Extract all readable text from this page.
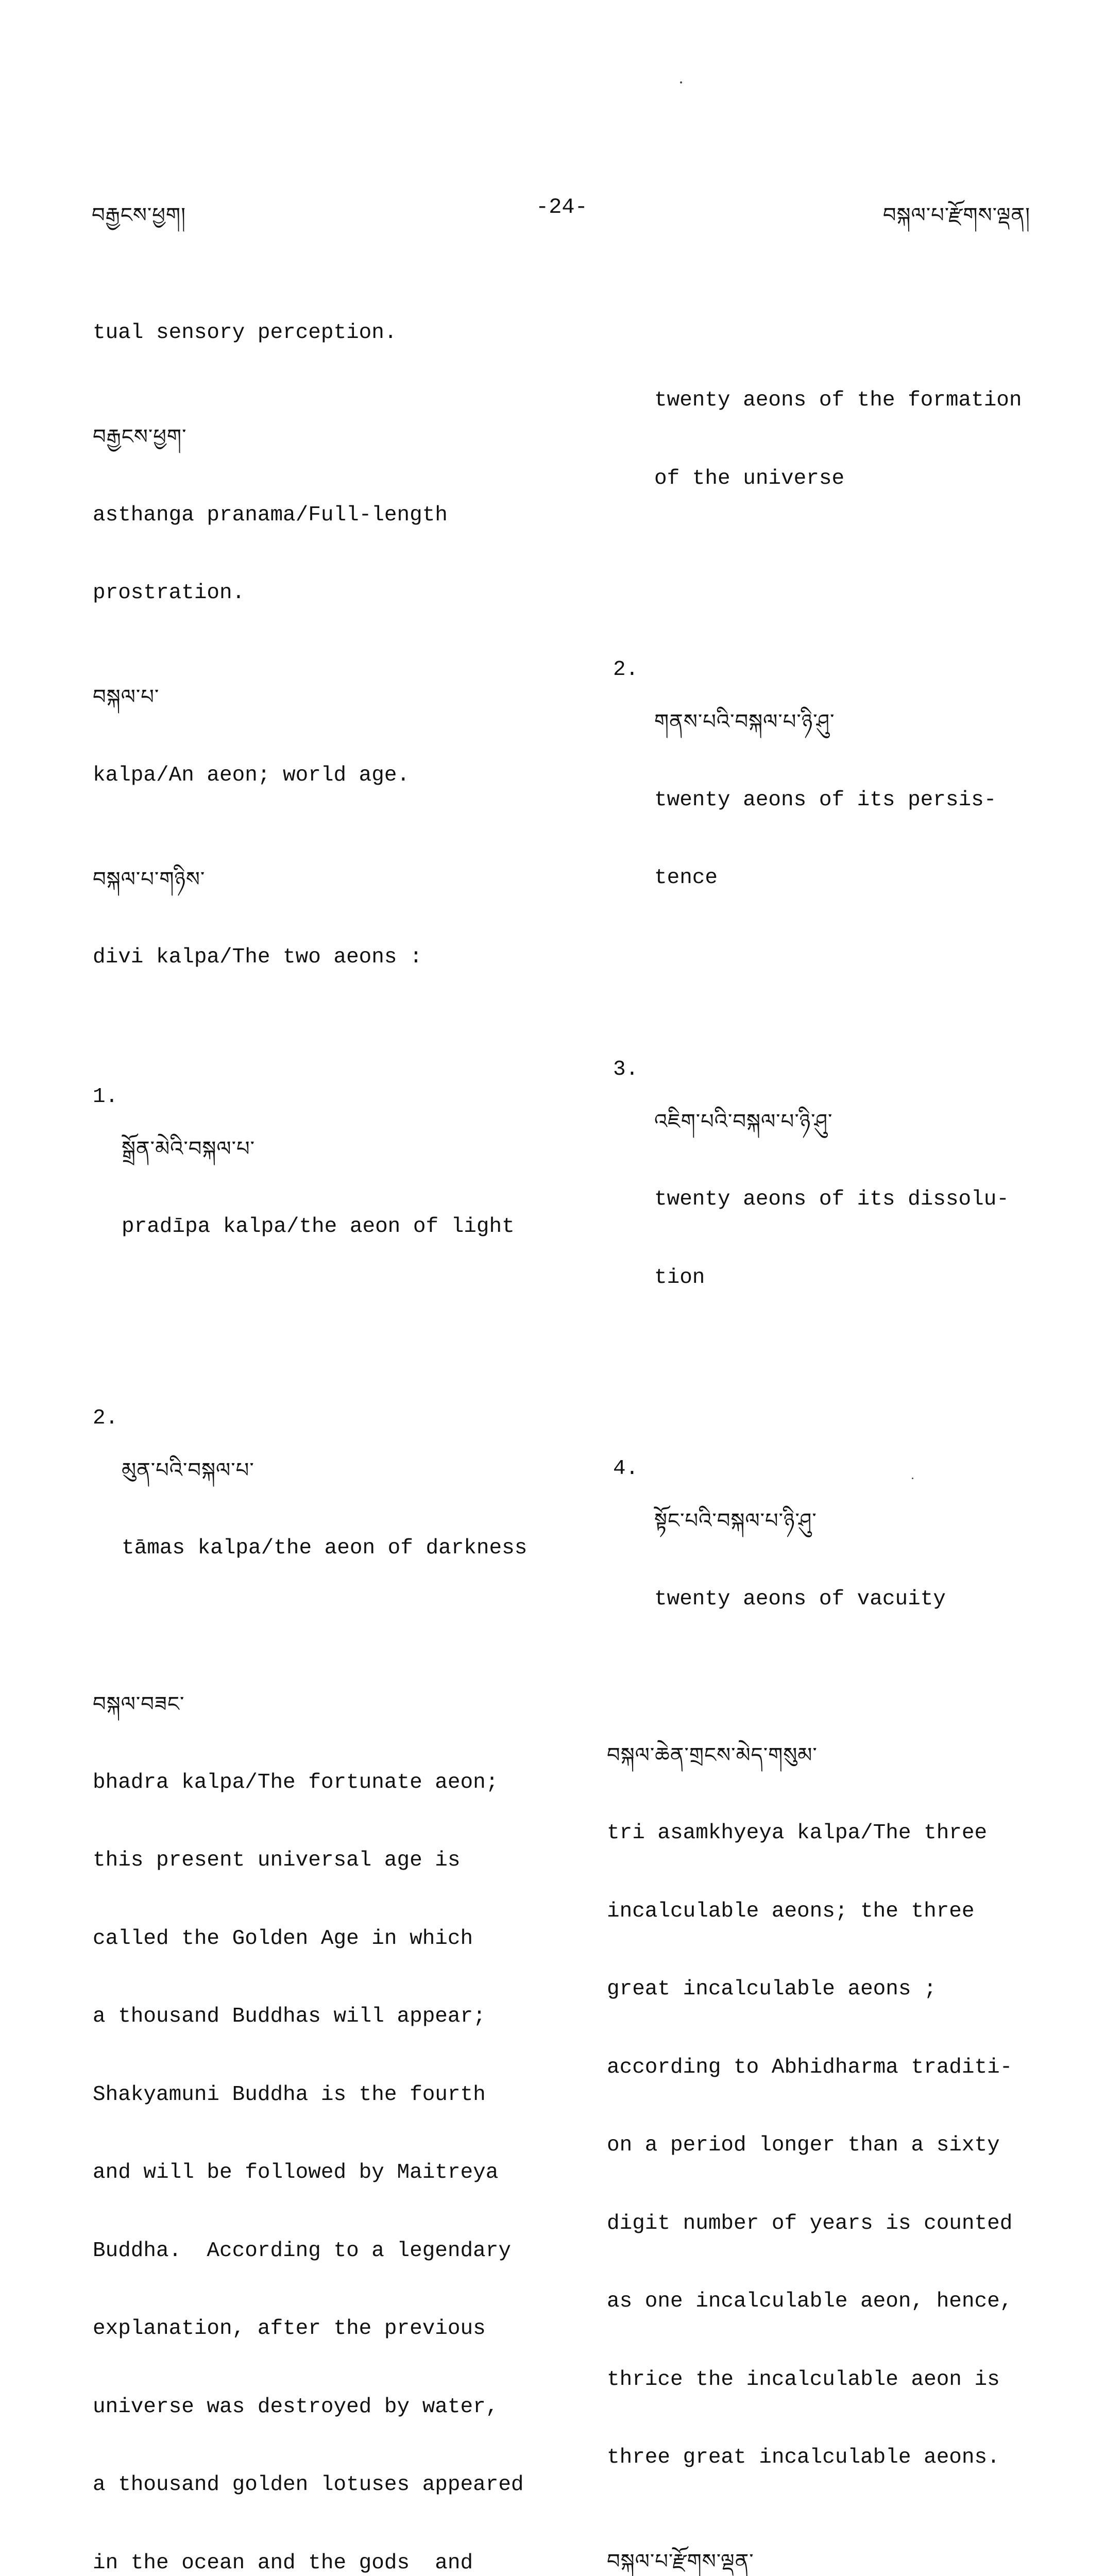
བརྒྱངས་ཕྱག།	-24-	བསྐལ་པ་རྫོགས་ལྡན།

tual sensory perception.

བརྒྱངས་ཕྱག་

asthanga pranama/Full-length

prostration.

བསྐལ་པ་

kalpa/An aeon; world age.

བསྐལ་པ་གཉིས་

divi kalpa/The two aeons :

1.

སྒྲོན་མེའི་བསྐལ་པ་

pradīpa kalpa/the aeon of light

2.

མུན་པའི་བསྐལ་པ་

tāmas kalpa/the aeon of darkness

བསྐལ་བཟང་

bhadra kalpa/The fortunate aeon;

this present universal age is

called the Golden Age in which

a thousand Buddhas will appear;

Shakyamuni Buddha is the fourth

and will be followed by Maitreya

Buddha.  According to a legendary

explanation, after the previous

universe was destroyed by water,

a thousand golden lotuses appeared

in the ocean and the gods  and

twenty aeons of the formation

of the universe

2.

གནས་པའི་བསྐལ་པ་ཉི་ཤུ་

twenty aeons of its persis-

tence

3.

འཇིག་པའི་བསྐལ་པ་ཉི་ཤུ་

twenty aeons of its dissolu-

tion

4.

སྟོང་པའི་བསྐལ་པ་ཉི་ཤུ་

twenty aeons of vacuity

བསྐལ་ཆེན་གྲངས་མེད་གསུམ་

tri asamkhyeya kalpa/The three

incalculable aeons; the three

great incalculable aeons ;

according to Abhidharma traditi-

on a period longer than a sixty

digit number of years is counted

as one incalculable aeon, hence,

thrice the incalculable aeon is

three great incalculable aeons.

བསྐལ་པ་རྫོགས་ལྡན་
